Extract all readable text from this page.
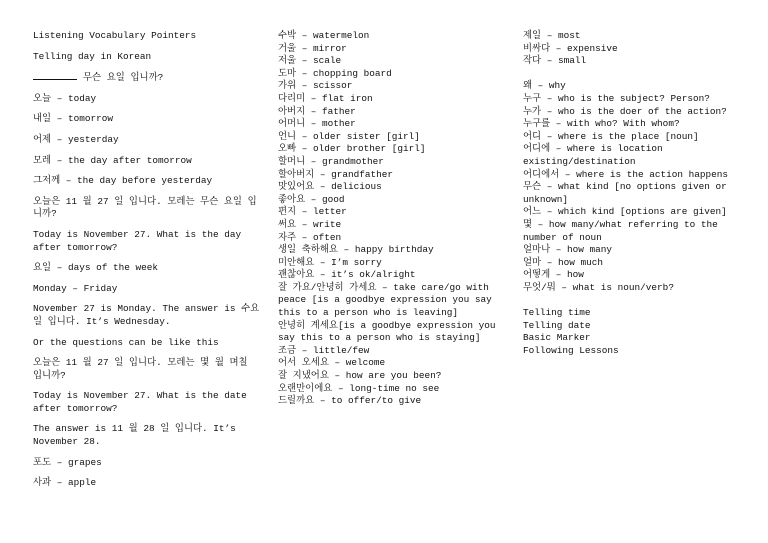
Listening Vocabulary Pointers

Telling day in Korean

무슨 요일 입니까?

오늘 – today

내일 – tomorrow

어제 – yesterday

모레 – the day after tomorrow

그저께 – the day before yesterday

오늘은 11 월 27 일 입니다. 모레는 무슨 요일 입니까?

Today is November 27. What is the day after tomorrow?

요일 – days of the week

Monday – Friday

November 27 is Monday. The answer is 수요일 입니다. It’s Wednesday.

Or the questions can be like this

오늘은 11 월 27 일 입니다. 모레는 몇 월 며칠 입니까?

Today is November 27. What is the date after tomorrow?

The answer is 11 월 28 일 입니다. It’s November 28.

포도 – grapes

사과 – apple

수박 – watermelon

거울 – mirror

저울 – scale

도마 – chopping board

가위 – scissor

다리미 – flat iron

아버지 – father

어머니 – mother

언니 – older sister [girl]

오빠 – older brother [girl]

할머니 – grandmother

할아버지 – grandfather

맛있어요 – delicious

좋아요 – good

편지 – letter

써요 – write

자주 – often

생일 축하해요 – happy birthday

미안해요 – I’m sorry

괜찮아요 – it’s ok/alright

잘 가요/안녕히 가세요 – take care/go with peace [is a goodbye expression you say this to a person who is leaving]

안녕히 계세요[is a goodbye expression you say this to a person who is staying]

조금 – little/few

어서 오세요 – welcome

잘 지냈어요 – how are you been?

오랜만이에요 – long-time no see

드릴까요 – to offer/to give

제일 – most

비싸다 – expensive

작다 – small

왜 – why

누구 – who is the subject? Person?

누가 – who is the doer of the action?

누구를 – with who? With whom?

어디 – where is the place [noun]

어디에 – where is location existing/destination

어디에서 – where is the action happens

무슨 – what kind [no options given or unknown]

어느 – which kind [options are given]

몇 – how many/what referring to the number of noun

얼마나 – how many

얼마 – how much

어떻게 – how

무엇/뭐 – what is noun/verb?

Telling time

Telling date

Basic Marker

Following Lessons
